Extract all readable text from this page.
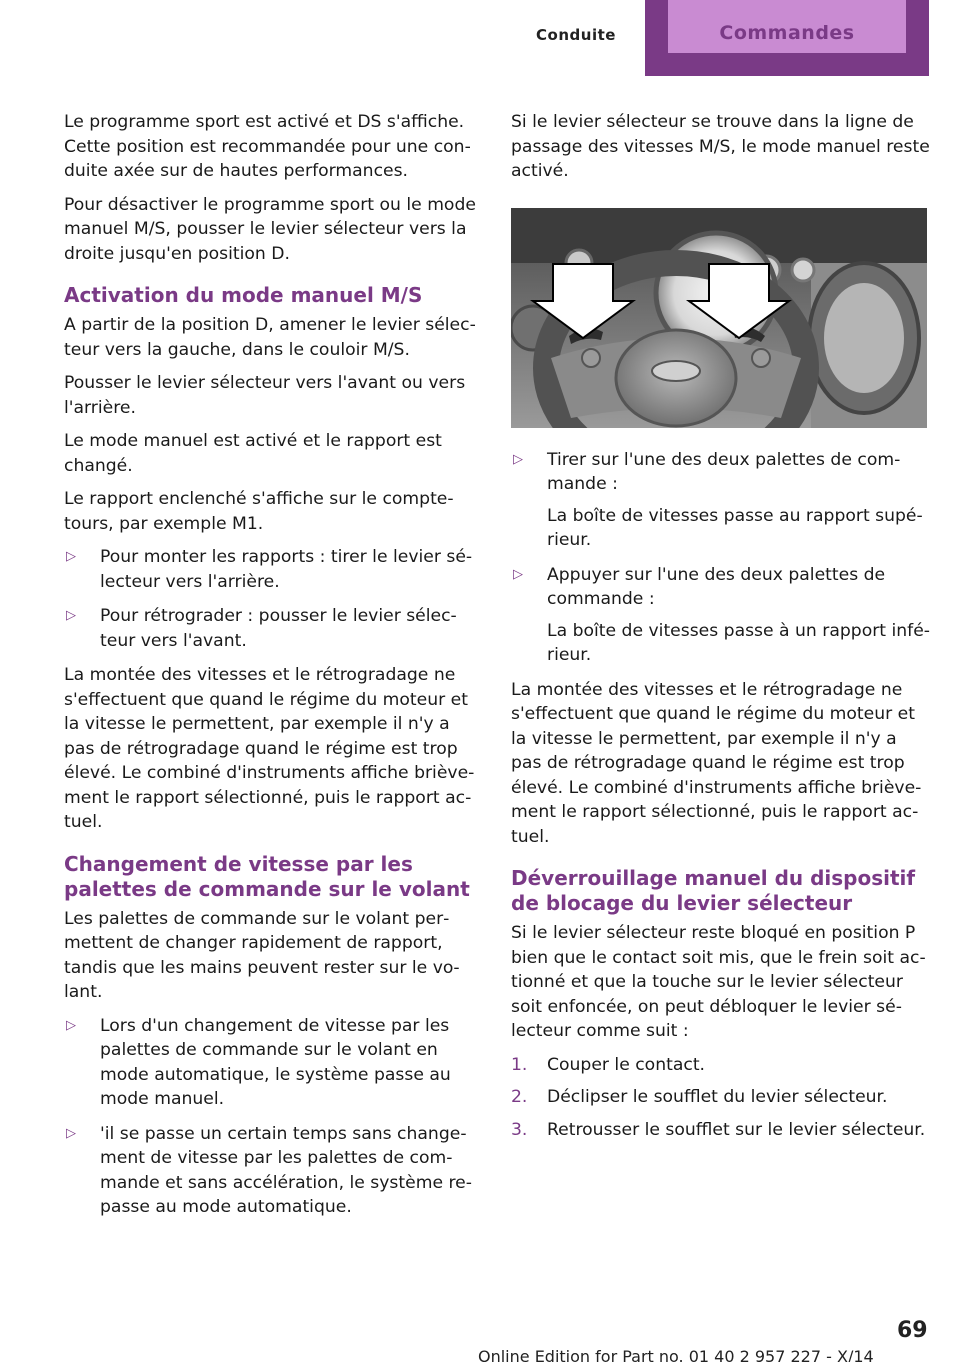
Conduite	Commandes

Le programme sport est activé et DS s'affiche. Cette position est recommandée pour une conduite axée sur de hautes performances.

Pour désactiver le programme sport ou le mode manuel M/S, pousser le levier sélecteur vers la droite jusqu'en position D.

Activation du mode manuel M/S

A partir de la position D, amener le levier sélecteur vers la gauche, dans le couloir M/S.

Pousser le levier sélecteur vers l'avant ou vers l'arrière.

Le mode manuel est activé et le rapport est changé.

Le rapport enclenché s'affiche sur le compte-tours, par exemple M1.

▷ Pour monter les rapports : tirer le levier sélecteur vers l'arrière.
▷ Pour rétrograder : pousser le levier sélecteur vers l'avant.

La montée des vitesses et le rétrogradage ne s'effectuent que quand le régime du moteur et la vitesse le permettent, par exemple il n'y a pas de rétrogradage quand le régime est trop élevé. Le combiné d'instruments affiche brièvement le rapport sélectionné, puis le rapport actuel.

Changement de vitesse par les palettes de commande sur le volant

Les palettes de commande sur le volant permettent de changer rapidement de rapport, tandis que les mains peuvent rester sur le volant.

▷ Lors d'un changement de vitesse par les palettes de commande sur le volant en mode automatique, le système passe au mode manuel.
▷ 'il se passe un certain temps sans changement de vitesse par les palettes de commande et sans accélération, le système repasse au mode automatique.

Si le levier sélecteur se trouve dans la ligne de passage des vitesses M/S, le mode manuel reste activé.

▷ Tirer sur l'une des deux palettes de commande :

La boîte de vitesses passe au rapport supérieur.

▷ Appuyer sur l'une des deux palettes de commande :

La boîte de vitesses passe à un rapport inférieur.

La montée des vitesses et le rétrogradage ne s'effectuent que quand le régime du moteur et la vitesse le permettent, par exemple il n'y a pas de rétrogradage quand le régime est trop élevé. Le combiné d'instruments affiche brièvement le rapport sélectionné, puis le rapport actuel.

Déverrouillage manuel du dispositif de blocage du levier sélecteur

Si le levier sélecteur reste bloqué en position P bien que le contact soit mis, que le frein soit actionné et que la touche sur le levier sélecteur soit enfoncée, on peut débloquer le levier sélecteur comme suit :

1. Couper le contact.
2. Déclipser le soufflet du levier sélecteur.
3. Retrousser le soufflet sur le levier sélecteur.
69
Online Edition for Part no. 01 40 2 957 227 - X/14
